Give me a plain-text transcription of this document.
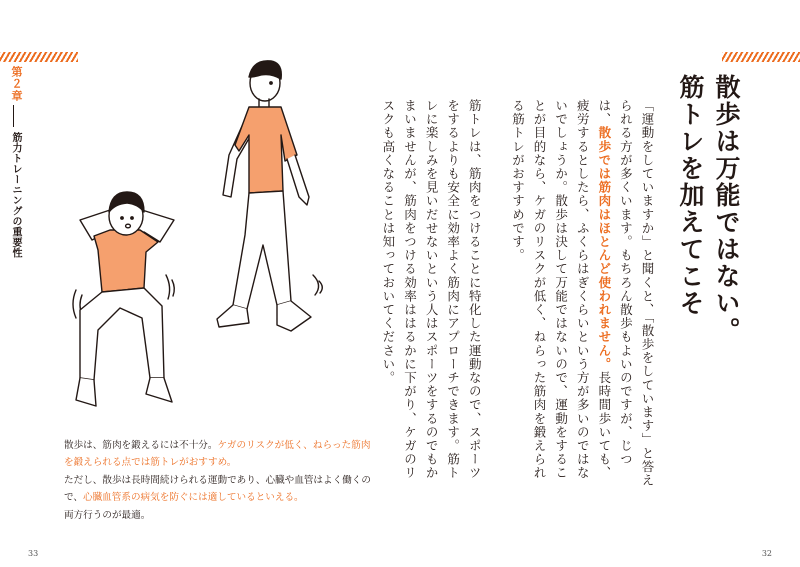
第２章
筋力トレーニングの重要性	散歩は万能ではない。
筋トレを加えてこそ

「運動をしていますか」と聞くと、「散歩をしています」と答えられる方が多くいます。もちろん散歩もよいのですが、じつは、散歩では筋肉はほとんど使われません。長時間歩いても、疲労するとしたら、ふくらはぎくらいという方が多いのではないでしょうか。散歩は決して万能ではないので、運動をすることが目的なら、ケガのリスクが低く、ねらった筋肉を鍛えられる筋トレがおすすめです。

筋トレは、筋肉をつけることに特化した運動なので、スポーツをするよりも安全に効率よく筋肉にアプローチできます。筋トレに楽しみを見いだせないという人はスポーツをするのでもかまいませんが、筋肉をつける効率ははるかに下がり、ケガのリスクも高くなることは知っておいてください。

散歩は、筋肉を鍛えるには不十分。ケガのリスクが低く、ねらった筋肉を鍛えられる点では筋トレがおすすめ。
ただし、散歩は長時間続けられる運動であり、心臓や血管はよく働くので、心臓血管系の病気を防ぐには適しているといえる。
両方行うのが最適。
33	32
